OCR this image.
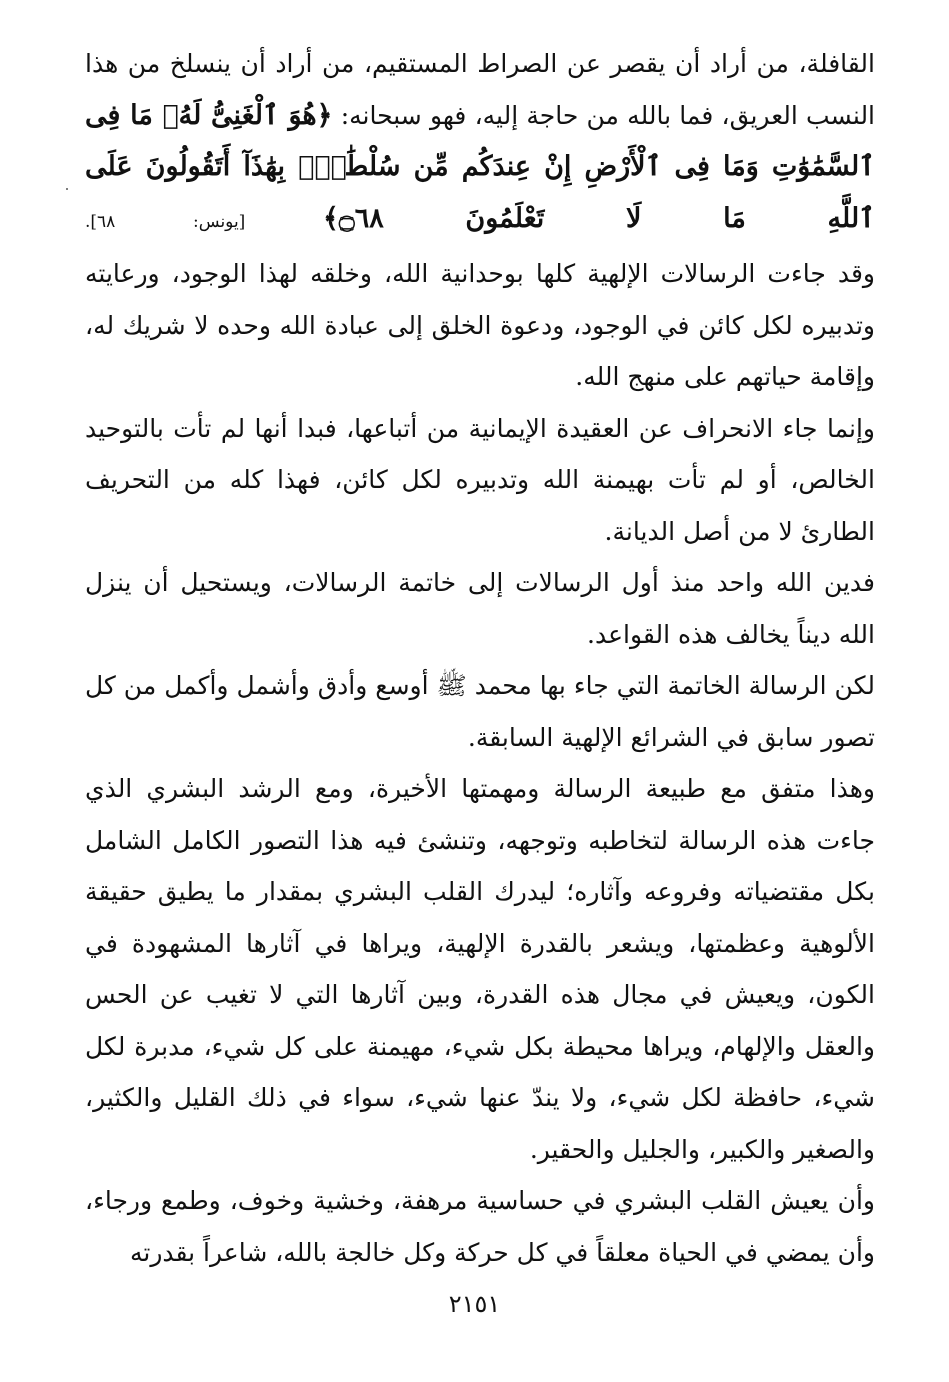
القافلة، من أراد أن يقصر عن الصراط المستقيم، من أراد أن ينسلخ من هذا النسب العريق، فما بالله من حاجة إليه، فهو سبحانه: ﴿هُوَ ٱلْغَنِىُّ لَهُۥ مَا فِى ٱلسَّمَٰوَٰتِ وَمَا فِى ٱلْأَرْضِ إِنْ عِندَكُم مِّن سُلْطَٰنٍۭ بِهَٰذَآ أَتَقُولُونَ عَلَى ٱللَّهِ مَا لَا تَعْلَمُونَ ۝٦٨﴾ [يونس: ٦٨].

وقد جاءت الرسالات الإلهية كلها بوحدانية الله، وخلقه لهذا الوجود، ورعايته وتدبيره لكل كائن في الوجود، ودعوة الخلق إلى عبادة الله وحده لا شريك له، وإقامة حياتهم على منهج الله.

وإنما جاء الانحراف عن العقيدة الإيمانية من أتباعها، فبدا أنها لم تأت بالتوحيد الخالص، أو لم تأت بهيمنة الله وتدبيره لكل كائن، فهذا كله من التحريف الطارئ لا من أصل الديانة.

فدين الله واحد منذ أول الرسالات إلى خاتمة الرسالات، ويستحيل أن ينزل الله ديناً يخالف هذه القواعد.

لكن الرسالة الخاتمة التي جاء بها محمد ﷺ أوسع وأدق وأشمل وأكمل من كل تصور سابق في الشرائع الإلهية السابقة.

وهذا متفق مع طبيعة الرسالة ومهمتها الأخيرة، ومع الرشد البشري الذي جاءت هذه الرسالة لتخاطبه وتوجهه، وتنشئ فيه هذا التصور الكامل الشامل بكل مقتضياته وفروعه وآثاره؛ ليدرك القلب البشري بمقدار ما يطيق حقيقة الألوهية وعظمتها، ويشعر بالقدرة الإلهية، ويراها في آثارها المشهودة في الكون، ويعيش في مجال هذه القدرة، وبين آثارها التي لا تغيب عن الحس والعقل والإلهام، ويراها محيطة بكل شيء، مهيمنة على كل شيء، مدبرة لكل شيء، حافظة لكل شيء، ولا يندّ عنها شيء، سواء في ذلك القليل والكثير، والصغير والكبير، والجليل والحقير.

وأن يعيش القلب البشري في حساسية مرهفة، وخشية وخوف، وطمع ورجاء، وأن يمضي في الحياة معلقاً في كل حركة وكل خالجة بالله، شاعراً بقدرته

٢١٥١
